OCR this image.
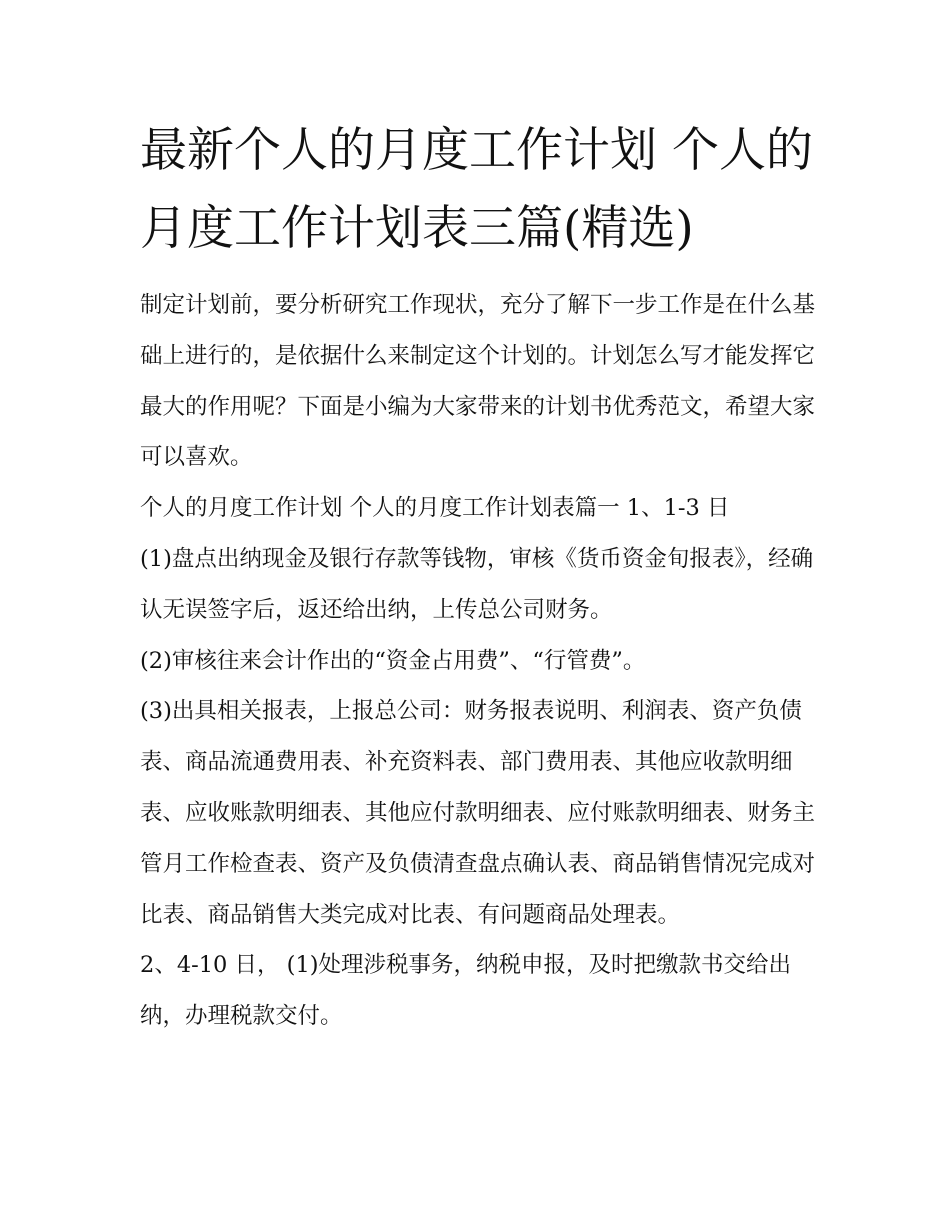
最新个人的月度工作计划 个人的月度工作计划表三篇(精选)

制定计划前，要分析研究工作现状，充分了解下一步工作是在什么基础上进行的，是依据什么来制定这个计划的。计划怎么写才能发挥它最大的作用呢？下面是小编为大家带来的计划书优秀范文，希望大家可以喜欢。

个人的月度工作计划 个人的月度工作计划表篇一 1、1-3 日

(1)盘点出纳现金及银行存款等钱物，审核《货币资金旬报表》，经确认无误签字后，返还给出纳，上传总公司财务。

(2)审核往来会计作出的“资金占用费”、“行管费”。

(3)出具相关报表，上报总公司：财务报表说明、利润表、资产负债表、商品流通费用表、补充资料表、部门费用表、其他应收款明细表、应收账款明细表、其他应付款明细表、应付账款明细表、财务主管月工作检查表、资产及负债清查盘点确认表、商品销售情况完成对比表、商品销售大类完成对比表、有问题商品处理表。

2、4-10 日， (1)处理涉税事务，纳税申报，及时把缴款书交给出纳，办理税款交付。
